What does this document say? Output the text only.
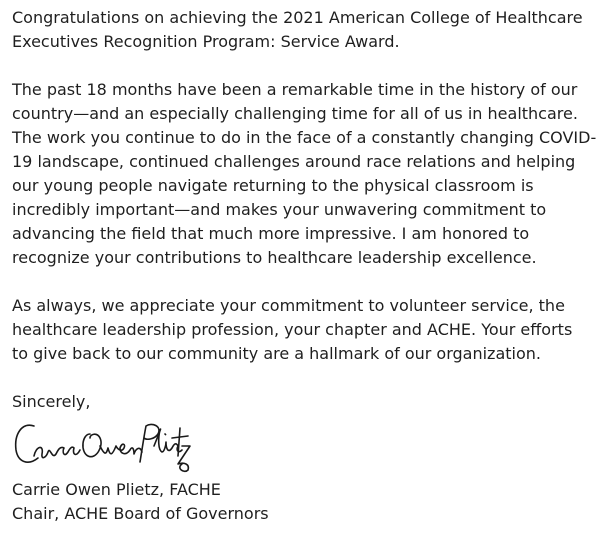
Congratulations on achieving the 2021 American College of Healthcare

Executives Recognition Program: Service Award.

The past 18 months have been a remarkable time in the history of our

country—and an especially challenging time for all of us in healthcare.

The work you continue to do in the face of a constantly changing COVID-

19 landscape, continued challenges around race relations and helping

our young people navigate returning to the physical classroom is

incredibly important—and makes your unwavering commitment to

advancing the field that much more impressive. I am honored to

recognize your contributions to healthcare leadership excellence.

As always, we appreciate your commitment to volunteer service, the

healthcare leadership profession, your chapter and ACHE. Your efforts

to give back to our community are a hallmark of our organization.

Sincerely,

Carrie Owen Plietz, FACHE

Chair, ACHE Board of Governors
